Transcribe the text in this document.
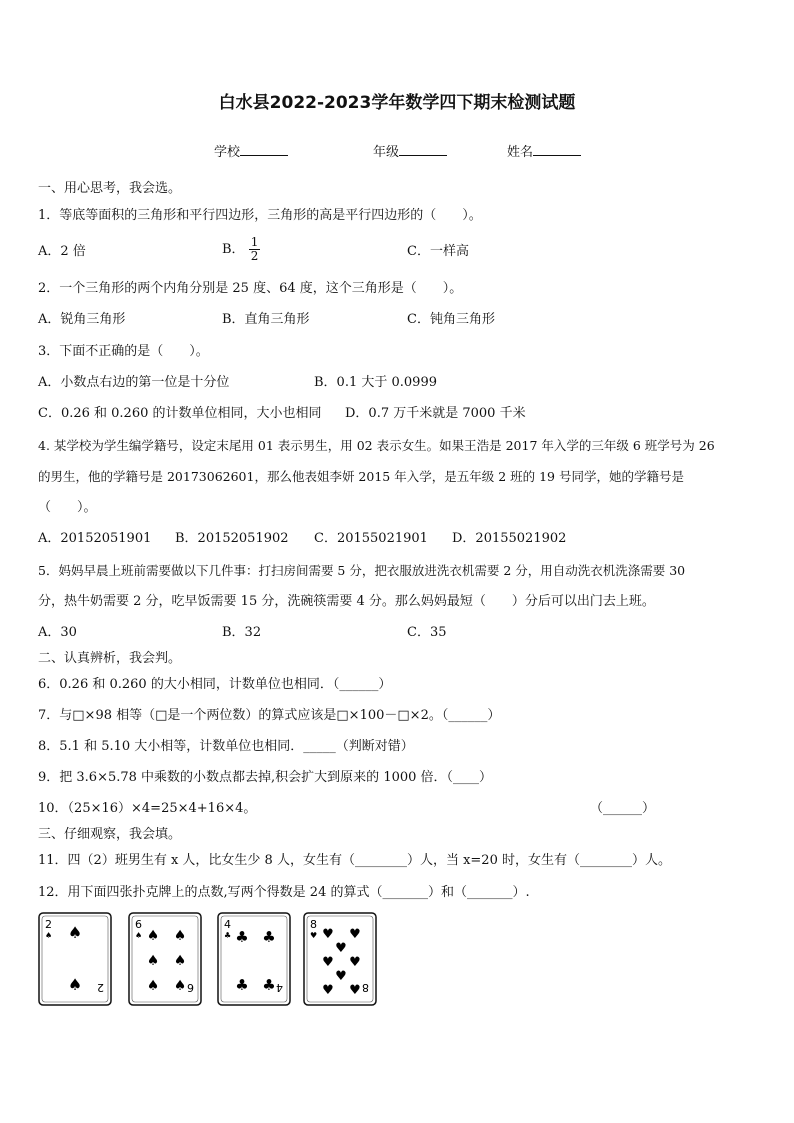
白水县2022-2023学年数学四下期末检测试题
学校	年级	姓名
一、用心思考，我会选。
1．等底等面积的三角形和平行四边形，三角形的高是平行四边形的（　　）。
A．2 倍	B． $\frac{1}{2}$	C．一样高
2．一个三角形的两个内角分别是 25 度、64 度，这个三角形是（　　）。
A．锐角三角形	B．直角三角形	C．钝角三角形
3．下面不正确的是（　　）。
A．小数点右边的第一位是十分位	B．0.1 大于 0.0999
C．0.26 和 0.260 的计数单位相同，大小也相同 D．0.7 万千米就是 7000 千米
4. 某学校为学生编学籍号，设定末尾用 01 表示男生，用 02 表示女生。如果王浩是 2017 年入学的三年级 6 班学号为 26
的男生，他的学籍号是 20173062601，那么他表姐李妍 2015 年入学，是五年级 2 班的 19 号同学，她的学籍号是
（　　）。
A．20152051901 B．20152051902 C．20155021901 D．20155021902
5．妈妈早晨上班前需要做以下几件事：打扫房间需要 5 分，把衣服放进洗衣机需要 2 分，用自动洗衣机洗涤需要 30
分，热牛奶需要 2 分，吃早饭需要 15 分，洗碗筷需要 4 分。那么妈妈最短（　　）分后可以出门去上班。
A．30	B．32	C．35
二、认真辨析，我会判。
6．0.26 和 0.260 的大小相同，计数单位也相同．（______）
7．与□×98 相等（□是一个两位数）的算式应该是□×100－□×2。（______）
8．5.1 和 5.10 大小相等，计数单位也相同．_____（判断对错）
9．把 3.6×5.78 中乘数的小数点都去掉,积会扩大到原来的 1000 倍．（____）
10．（25×16）×4=25×4+16×4。	（______）
三、仔细观察，我会填。
11．四（2）班男生有 x 人，比女生少 8 人，女生有（________）人，当 x=20 时，女生有（________）人。
12．用下面四张扑克牌上的点数,写两个得数是 24 的算式（_______）和（_______）.
2
♠ ♠
♠ 2
6
♠ ♠ ♠
♠ ♠
♠ ♠ 6
4
♣ ♣ ♣
♣ ♣ 4
8
♥ ♥ ♥
♥
♥ ♥
♥
♥ ♥ 8
